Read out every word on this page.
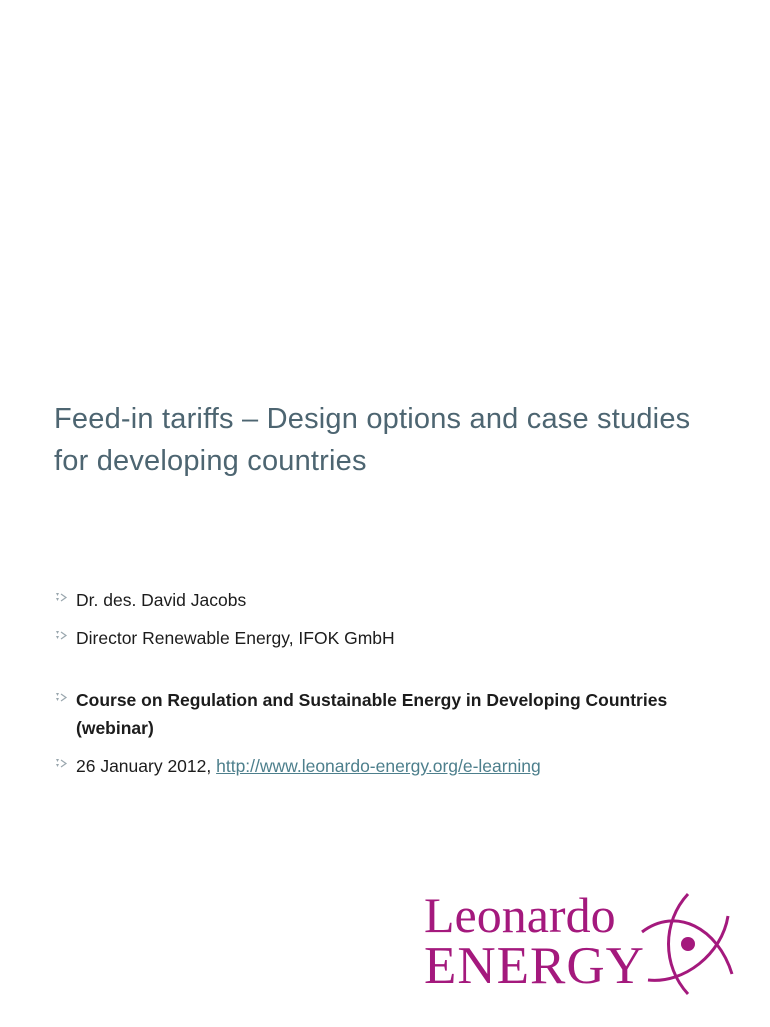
Feed-in tariffs – Design options and case studies for developing countries
Dr. des. David Jacobs
Director Renewable Energy, IFOK GmbH
Course on Regulation and Sustainable Energy in Developing Countries (webinar)
26 January 2012, http://www.leonardo-energy.org/e-learning
Leonardo
ENERGY
